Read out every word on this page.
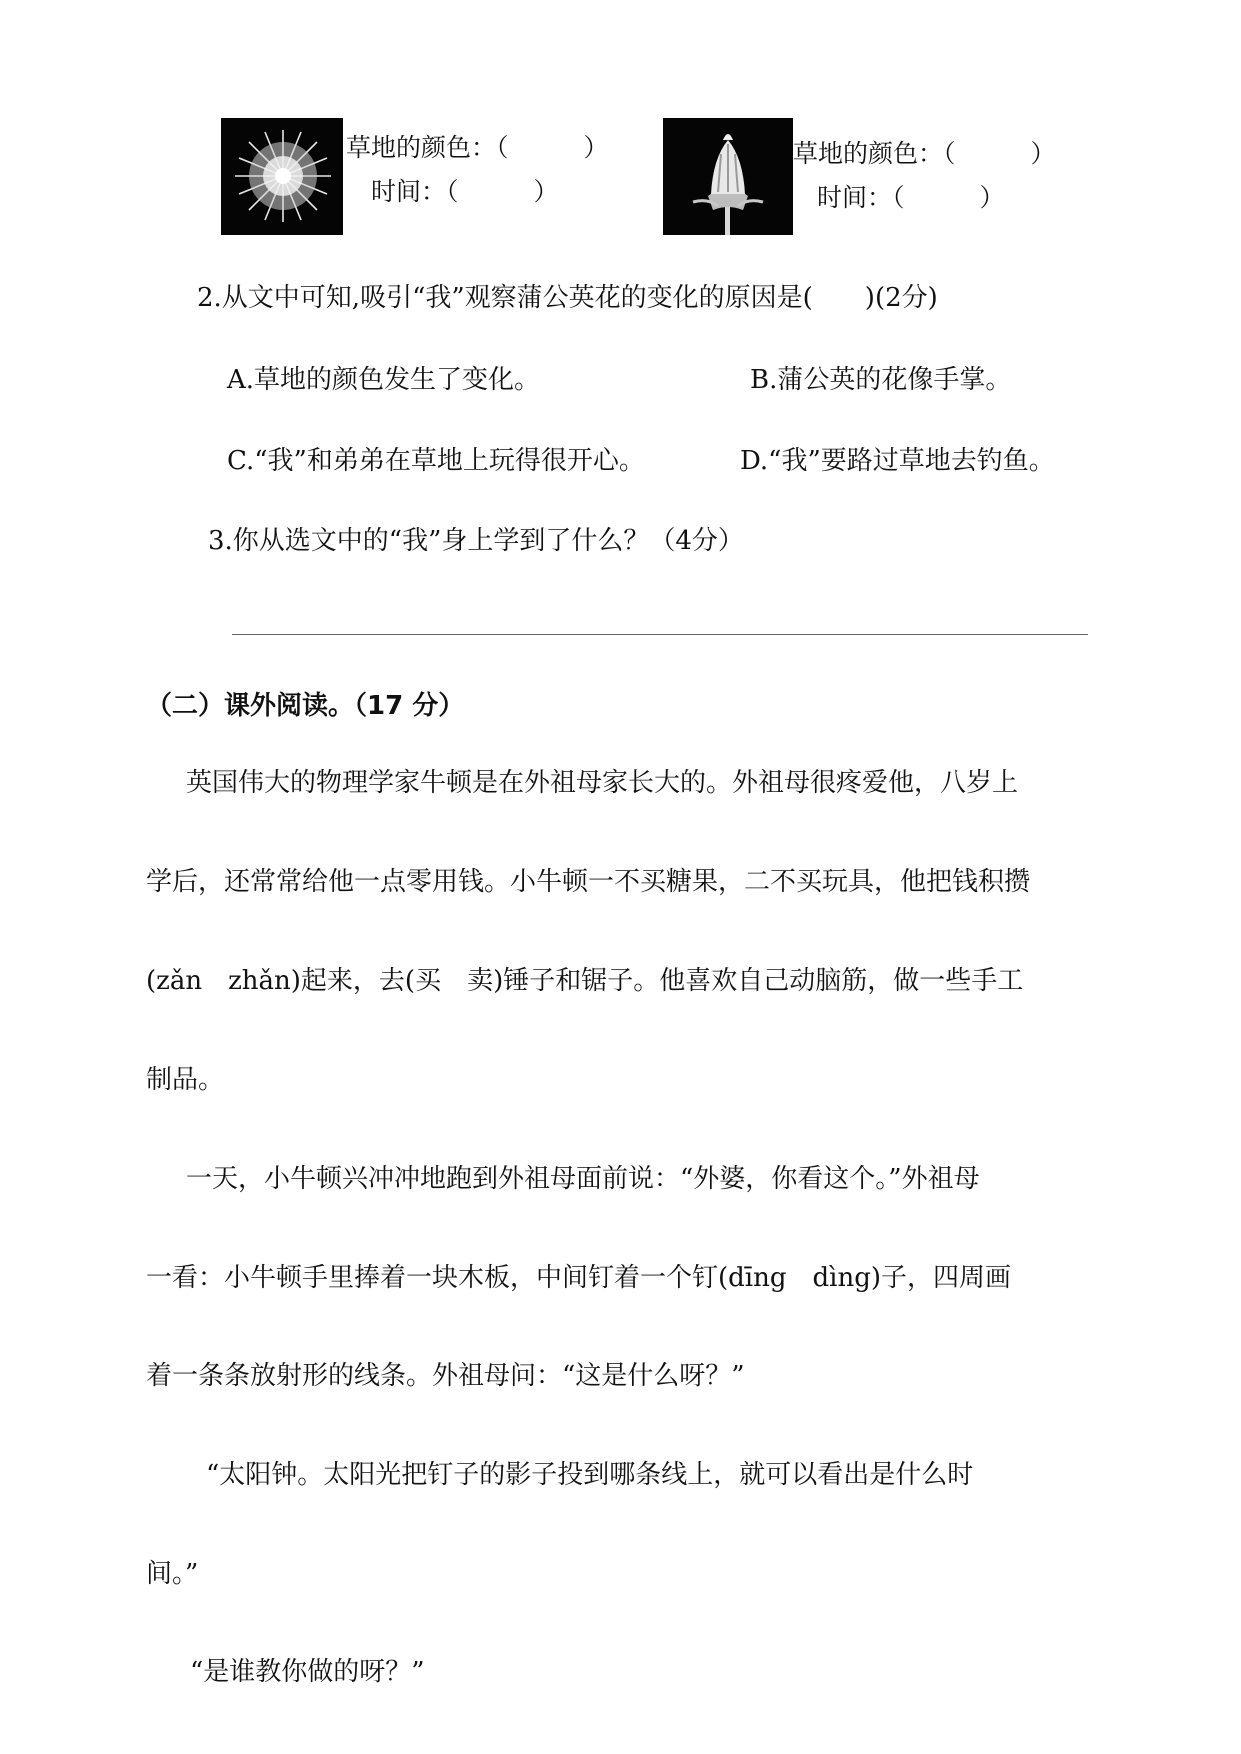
草地的颜色：（　　　）
时间：（　　　）
草地的颜色：（　　　）
时间：（　　　）
2.从文中可知,吸引“我”观察蒲公英花的变化的原因是(　　)(2分)
A.草地的颜色发生了变化。	B.蒲公英的花像手掌。
C.“我”和弟弟在草地上玩得很开心。	D.“我”要路过草地去钓鱼。
3.你从选文中的“我”身上学到了什么？（4分）
（二）课外阅读。（17 分）
英国伟大的物理学家牛顿是在外祖母家长大的。外祖母很疼爱他，八岁上
学后，还常常给他一点零用钱。小牛顿一不买糖果，二不买玩具，他把钱积攒
(zǎn　zhǎn)起来，去(买　卖)锤子和锯子。他喜欢自己动脑筋，做一些手工
制品。
一天，小牛顿兴冲冲地跑到外祖母面前说：“外婆，你看这个。”外祖母
一看：小牛顿手里捧着一块木板，中间钉着一个钉(dīng　dìng)子，四周画
着一条条放射形的线条。外祖母问：“这是什么呀？”
“太阳钟。太阳光把钉子的影子投到哪条线上，就可以看出是什么时
间。”
“是谁教你做的呀？”
